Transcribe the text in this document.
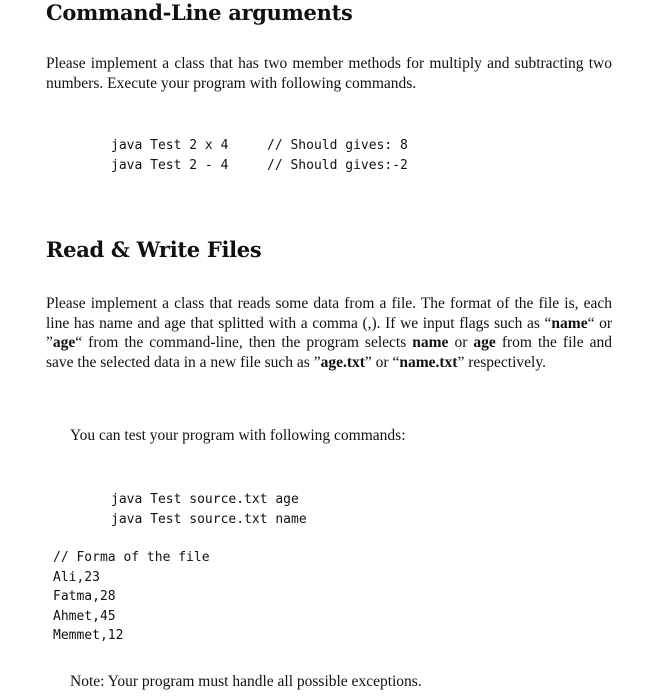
Command-Line arguments
Please implement a class that has two member methods for multiply and subtracting two numbers. Execute your program with following commands.
java Test 2 x 4	// Should gives: 8
java Test 2 - 4	// Should gives:-2
Read & Write Files
Please implement a class that reads some data from a file. The format of the file is, each line has name and age that splitted with a comma (,). If we input flags such as “name“ or ”age“ from the command-line, then the program selects name or age from the file and save the selected data in a new file such as ”age.txt” or “name.txt” respectively.
You can test your program with following commands:
java Test source.txt age
java Test source.txt name
// Forma of the file
Ali,23
Fatma,28
Ahmet,45
Memmet,12
Note: Your program must handle all possible exceptions.
